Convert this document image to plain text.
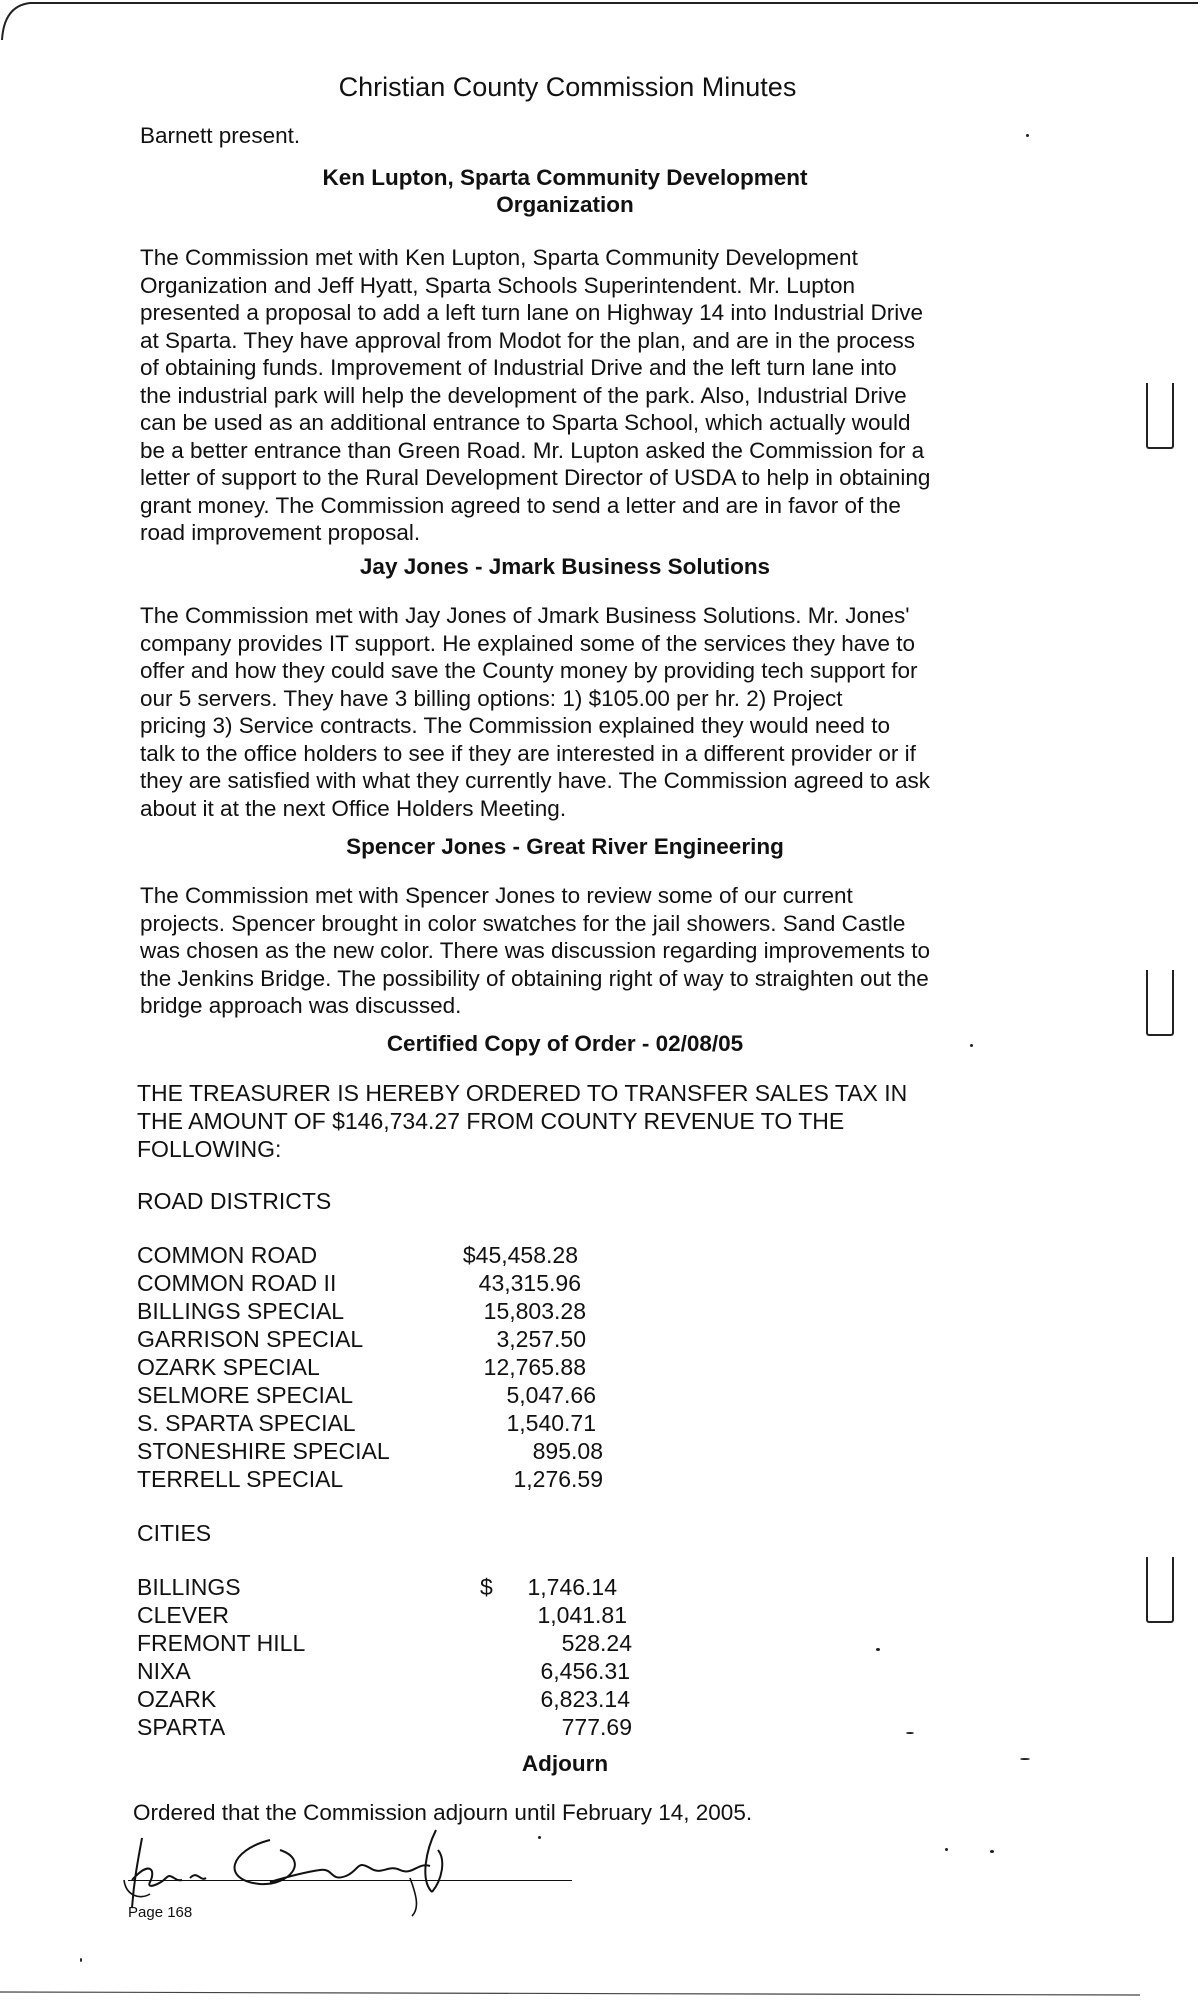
Christian County Commission Minutes
Barnett present.
Ken Lupton, Sparta Community Development
Organization
The Commission met with Ken Lupton, Sparta Community Development
Organization and Jeff Hyatt, Sparta Schools Superintendent. Mr. Lupton
presented a proposal to add a left turn lane on Highway 14 into Industrial Drive
at Sparta. They have approval from Modot for the plan, and are in the process
of obtaining funds. Improvement of Industrial Drive and the left turn lane into
the industrial park will help the development of the park. Also, Industrial Drive
can be used as an additional entrance to Sparta School, which actually would
be a better entrance than Green Road. Mr. Lupton asked the Commission for a
letter of support to the Rural Development Director of USDA to help in obtaining
grant money. The Commission agreed to send a letter and are in favor of the
road improvement proposal.
Jay Jones - Jmark Business Solutions
The Commission met with Jay Jones of Jmark Business Solutions. Mr. Jones'
company provides IT support. He explained some of the services they have to
offer and how they could save the County money by providing tech support for
our 5 servers. They have 3 billing options: 1) $105.00 per hr. 2) Project
pricing 3) Service contracts. The Commission explained they would need to
talk to the office holders to see if they are interested in a different provider or if
they are satisfied with what they currently have. The Commission agreed to ask
about it at the next Office Holders Meeting.
Spencer Jones - Great River Engineering
The Commission met with Spencer Jones to review some of our current
projects. Spencer brought in color swatches for the jail showers. Sand Castle
was chosen as the new color. There was discussion regarding improvements to
the Jenkins Bridge. The possibility of obtaining right of way to straighten out the
bridge approach was discussed.
Certified Copy of Order - 02/08/05
THE TREASURER IS HEREBY ORDERED TO TRANSFER SALES TAX IN
THE AMOUNT OF $146,734.27 FROM COUNTY REVENUE TO THE
FOLLOWING:
ROAD DISTRICTS
COMMON ROAD	$45,458.28
COMMON ROAD II	43,315.96
BILLINGS SPECIAL	15,803.28
GARRISON SPECIAL	3,257.50
OZARK SPECIAL	12,765.88
SELMORE SPECIAL	5,047.66
S. SPARTA SPECIAL	1,540.71
STONESHIRE SPECIAL	895.08
TERRELL SPECIAL	1,276.59
CITIES
BILLINGS	$ 1,746.14
CLEVER	1,041.81
FREMONT HILL	528.24
NIXA	6,456.31
OZARK	6,823.14
SPARTA	777.69
Adjourn
Ordered that the Commission adjourn until February 14, 2005.
Page 168
